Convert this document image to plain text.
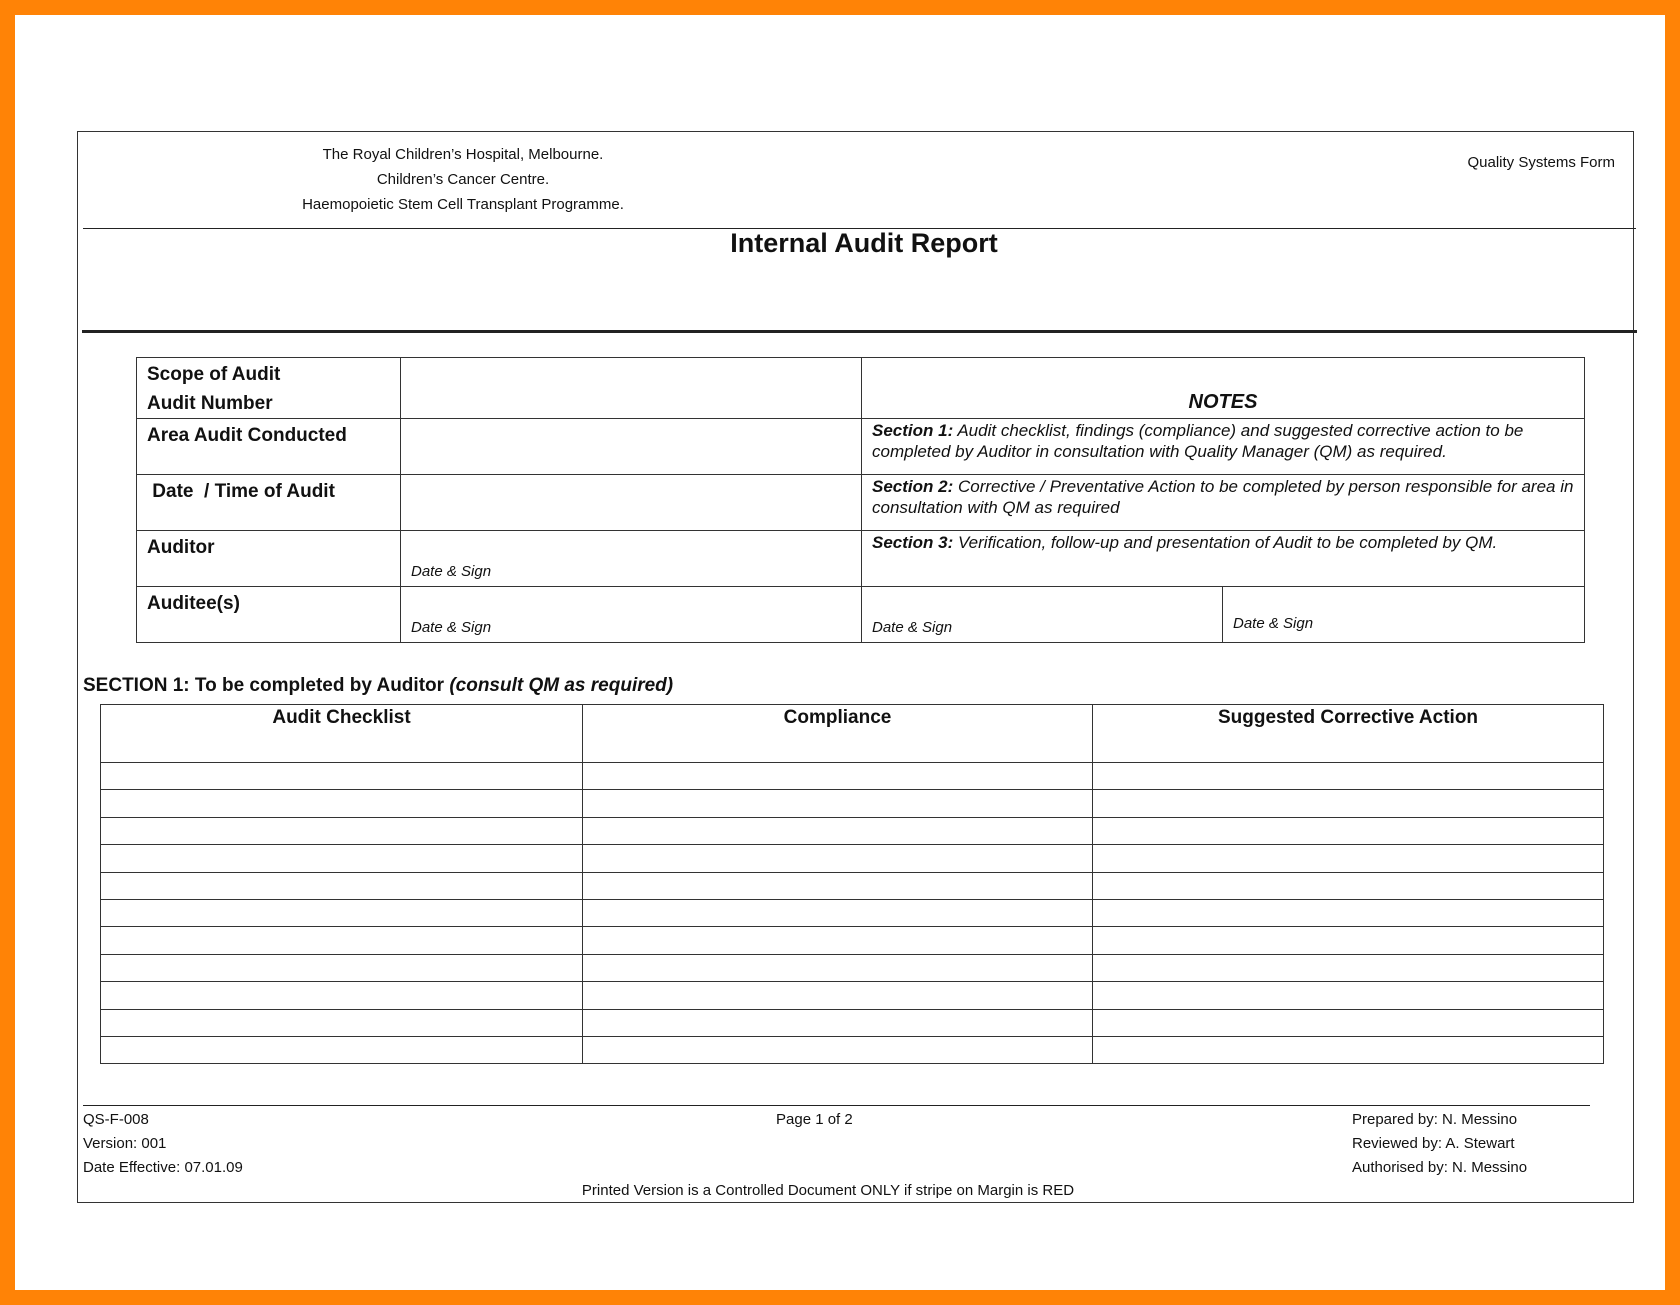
The Royal Children’s Hospital, Melbourne.
Children’s Cancer Centre.
Haemopoietic Stem Cell Transplant Programme.
Quality Systems Form
Internal Audit Report
Scope of Audit
Audit Number		NOTES	

Area Audit Conducted		Section 1: Audit checklist, findings (compliance) and suggested corrective action to be completed by Auditor in consultation with Quality Manager (QM) as required.	

Date  / Time of Audit		Section 2: Corrective / Preventative Action to be completed by person responsible for area in consultation with QM as required	

Auditor	Date & Sign	Section 3: Verification, follow-up and presentation of Audit to be completed by QM.	

Auditee(s)	Date & Sign	Date & Sign	Date & Sign
SECTION 1: To be completed by Auditor (consult QM as required)
Audit Checklist	Compliance	Suggested Corrective Action

QS-F-008
Version: 001
Date Effective: 07.01.09
Page 1 of 2	Prepared by: N. Messino
Reviewed by: A. Stewart
Authorised by: N. Messino
Printed Version is a Controlled Document ONLY if stripe on Margin is RED
